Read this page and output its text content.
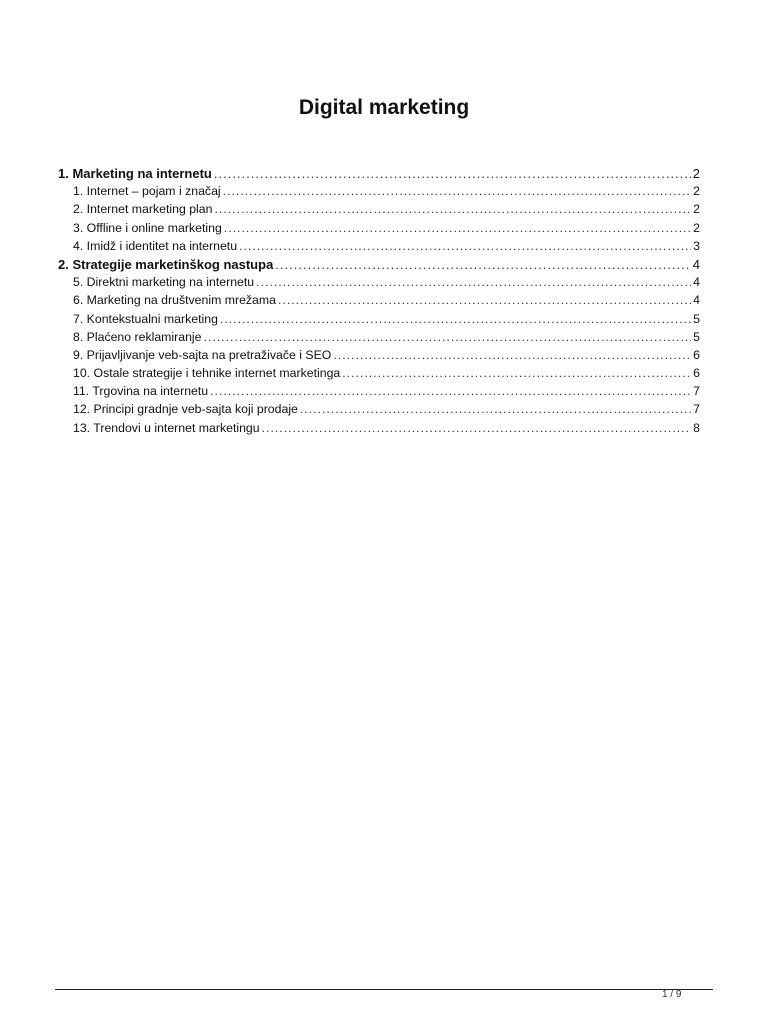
Digital marketing
1. Marketing na internetu .....	2
1. Internet – pojam i značaj .....	2
2. Internet marketing plan .....	2
3. Offline i online marketing .....	2
4. Imidž i identitet na internetu .....	3
2. Strategije marketinškog nastupa .....	4
5. Direktni marketing na internetu .....	4
6. Marketing na društvenim mrežama .....	4
7. Kontekstualni marketing .....	5
8. Plaćeno reklamiranje .....	5
9. Prijavljivanje veb-sajta na pretraživače i SEO .....	6
10. Ostale strategije i tehnike internet marketinga .....	6
11. Trgovina na internetu .....	7
12. Principi gradnje veb-sajta koji prodaje .....	7
13. Trendovi u internet marketingu .....	8
1 / 9
